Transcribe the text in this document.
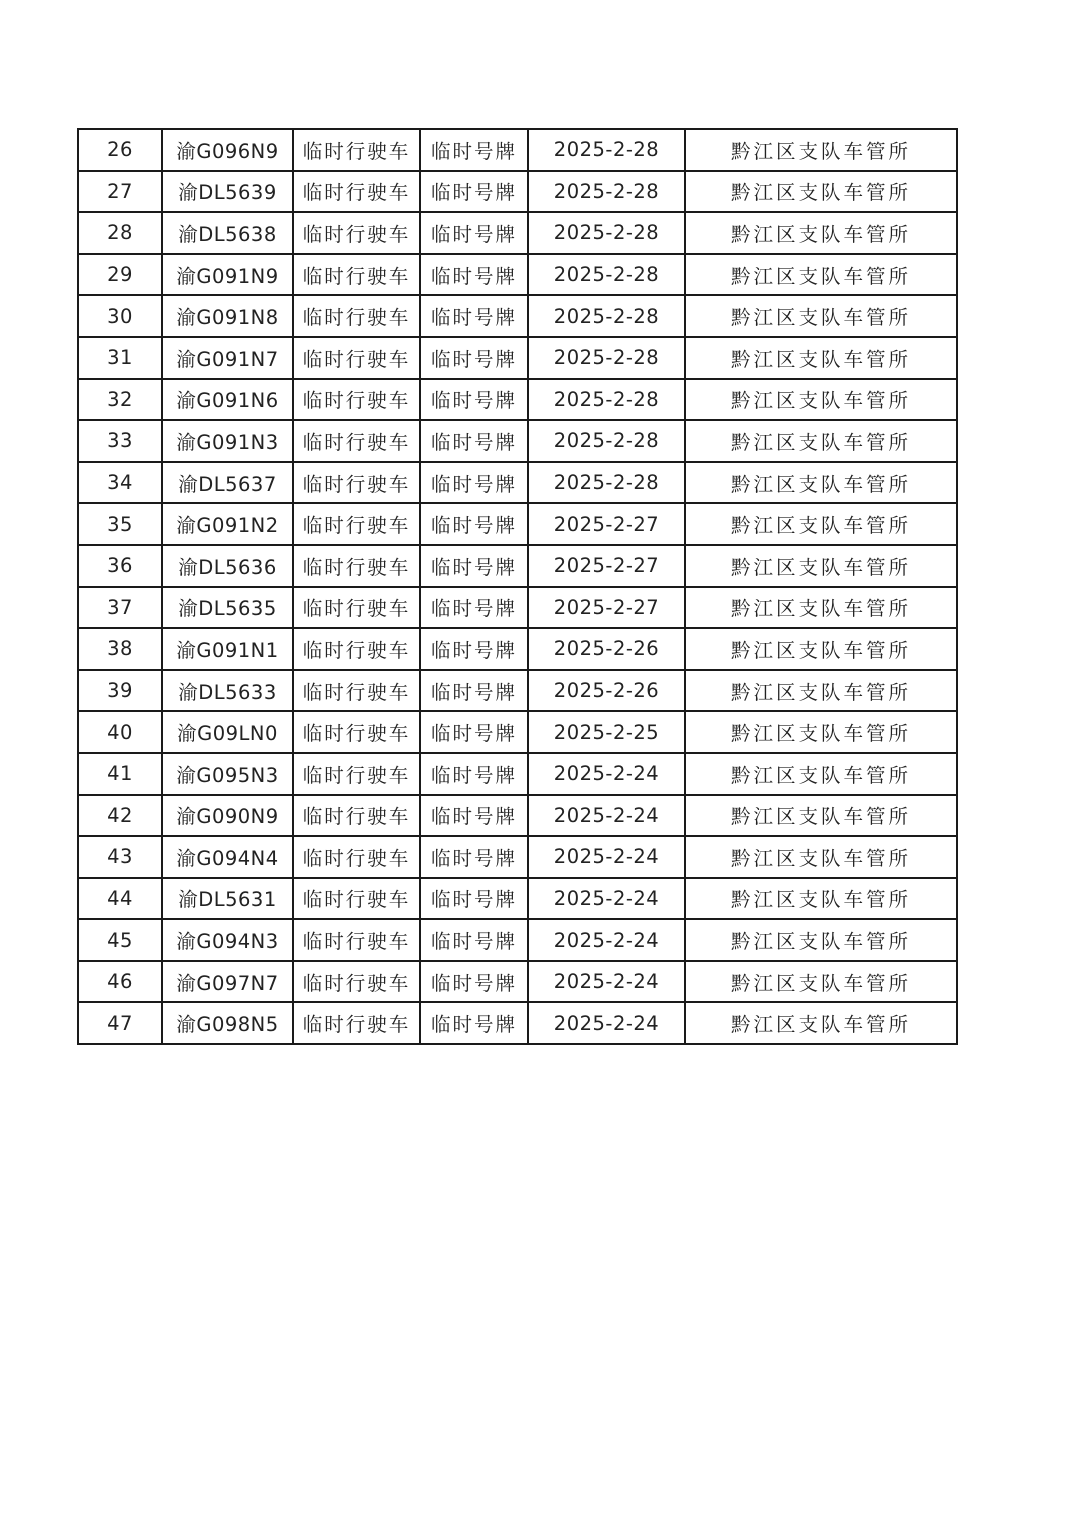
26	渝G096N9	临时行驶车	临时号牌	2025-2-28	黔江区支队车管所
27	渝DL5639	临时行驶车	临时号牌	2025-2-28	黔江区支队车管所
28	渝DL5638	临时行驶车	临时号牌	2025-2-28	黔江区支队车管所
29	渝G091N9	临时行驶车	临时号牌	2025-2-28	黔江区支队车管所
30	渝G091N8	临时行驶车	临时号牌	2025-2-28	黔江区支队车管所
31	渝G091N7	临时行驶车	临时号牌	2025-2-28	黔江区支队车管所
32	渝G091N6	临时行驶车	临时号牌	2025-2-28	黔江区支队车管所
33	渝G091N3	临时行驶车	临时号牌	2025-2-28	黔江区支队车管所
34	渝DL5637	临时行驶车	临时号牌	2025-2-28	黔江区支队车管所
35	渝G091N2	临时行驶车	临时号牌	2025-2-27	黔江区支队车管所
36	渝DL5636	临时行驶车	临时号牌	2025-2-27	黔江区支队车管所
37	渝DL5635	临时行驶车	临时号牌	2025-2-27	黔江区支队车管所
38	渝G091N1	临时行驶车	临时号牌	2025-2-26	黔江区支队车管所
39	渝DL5633	临时行驶车	临时号牌	2025-2-26	黔江区支队车管所
40	渝G09LN0	临时行驶车	临时号牌	2025-2-25	黔江区支队车管所
41	渝G095N3	临时行驶车	临时号牌	2025-2-24	黔江区支队车管所
42	渝G090N9	临时行驶车	临时号牌	2025-2-24	黔江区支队车管所
43	渝G094N4	临时行驶车	临时号牌	2025-2-24	黔江区支队车管所
44	渝DL5631	临时行驶车	临时号牌	2025-2-24	黔江区支队车管所
45	渝G094N3	临时行驶车	临时号牌	2025-2-24	黔江区支队车管所
46	渝G097N7	临时行驶车	临时号牌	2025-2-24	黔江区支队车管所
47	渝G098N5	临时行驶车	临时号牌	2025-2-24	黔江区支队车管所
